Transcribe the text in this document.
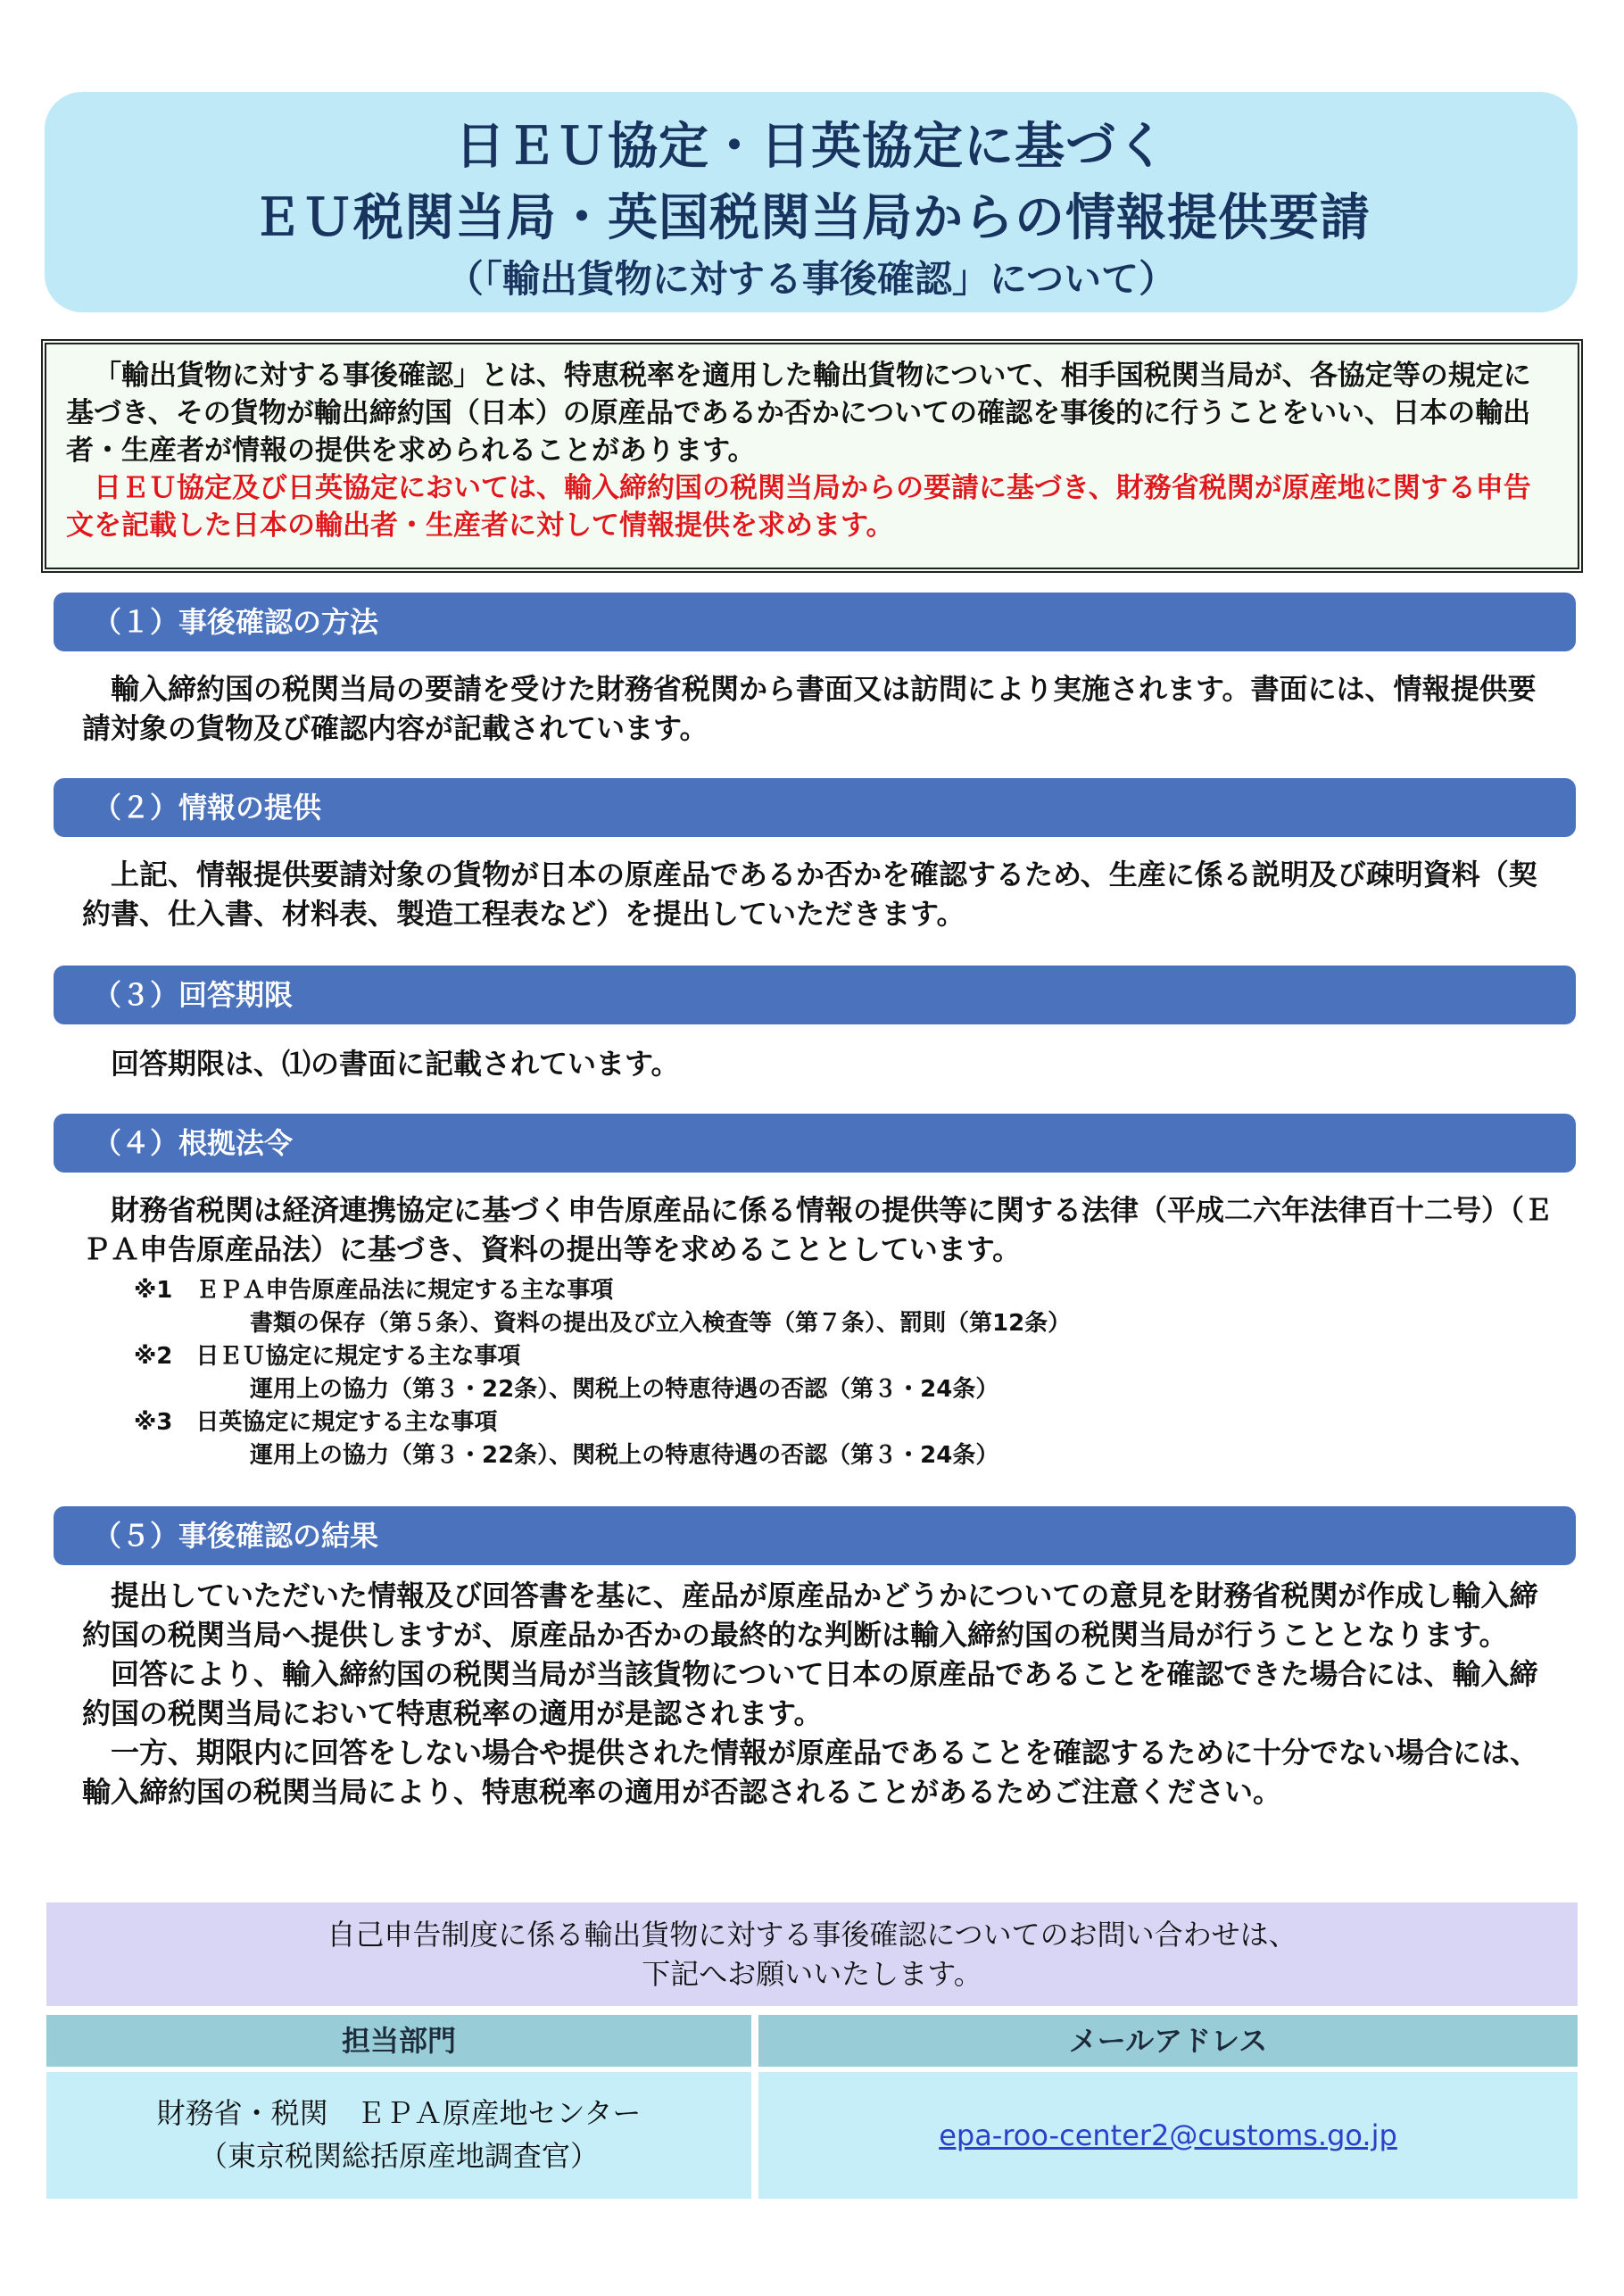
日ＥＵ協定・日英協定に基づく
ＥＵ税関当局・英国税関当局からの情報提供要請
（「輸出貨物に対する事後確認」について）

「輸出貨物に対する事後確認」とは、特恵税率を適用した輸出貨物について、相手国税関当局が、各協定等の規定に基づき、その貨物が輸出締約国（日本）の原産品であるか否かについての確認を事後的に行うことをいい、日本の輸出者・生産者が情報の提供を求められることがあります。

日ＥＵ協定及び日英協定においては、輸入締約国の税関当局からの要請に基づき、財務省税関が原産地に関する申告文を記載した日本の輸出者・生産者に対して情報提供を求めます。

（１）事後確認の方法

輸入締約国の税関当局の要請を受けた財務省税関から書面又は訪問により実施されます。書面には、情報提供要請対象の貨物及び確認内容が記載されています。

（２）情報の提供

上記、情報提供要請対象の貨物が日本の原産品であるか否かを確認するため、生産に係る説明及び疎明資料（契約書、仕入書、材料表、製造工程表など）を提出していただきます。

（３）回答期限

回答期限は、⑴の書面に記載されています。

（４）根拠法令

財務省税関は経済連携協定に基づく申告原産品に係る情報の提供等に関する法律（平成二六年法律百十二号）（ＥＰＡ申告原産品法）に基づき、資料の提出等を求めることとしています。

※1　ＥＰＡ申告原産品法に規定する主な事項
書類の保存（第５条）、資料の提出及び立入検査等（第７条）、罰則（第12条）
※2　日ＥＵ協定に規定する主な事項
運用上の協力（第３・22条）、関税上の特恵待遇の否認（第３・24条）
※3　日英協定に規定する主な事項
運用上の協力（第３・22条）、関税上の特恵待遇の否認（第３・24条）
（５）事後確認の結果

提出していただいた情報及び回答書を基に、産品が原産品かどうかについての意見を財務省税関が作成し輸入締約国の税関当局へ提供しますが、原産品か否かの最終的な判断は輸入締約国の税関当局が行うこととなります。

回答により、輸入締約国の税関当局が当該貨物について日本の原産品であることを確認できた場合には、輸入締約国の税関当局において特恵税率の適用が是認されます。

一方、期限内に回答をしない場合や提供された情報が原産品であることを確認するために十分でない場合には、輸入締約国の税関当局により、特恵税率の適用が否認されることがあるためご注意ください。

自己申告制度に係る輸出貨物に対する事後確認についてのお問い合わせは、
下記へお願いいたします。
担当部門	メールアドレス
財務省・税関　ＥＰＡ原産地センター
（東京税関総括原産地調査官）
epa-roo-center2@customs.go.jp
